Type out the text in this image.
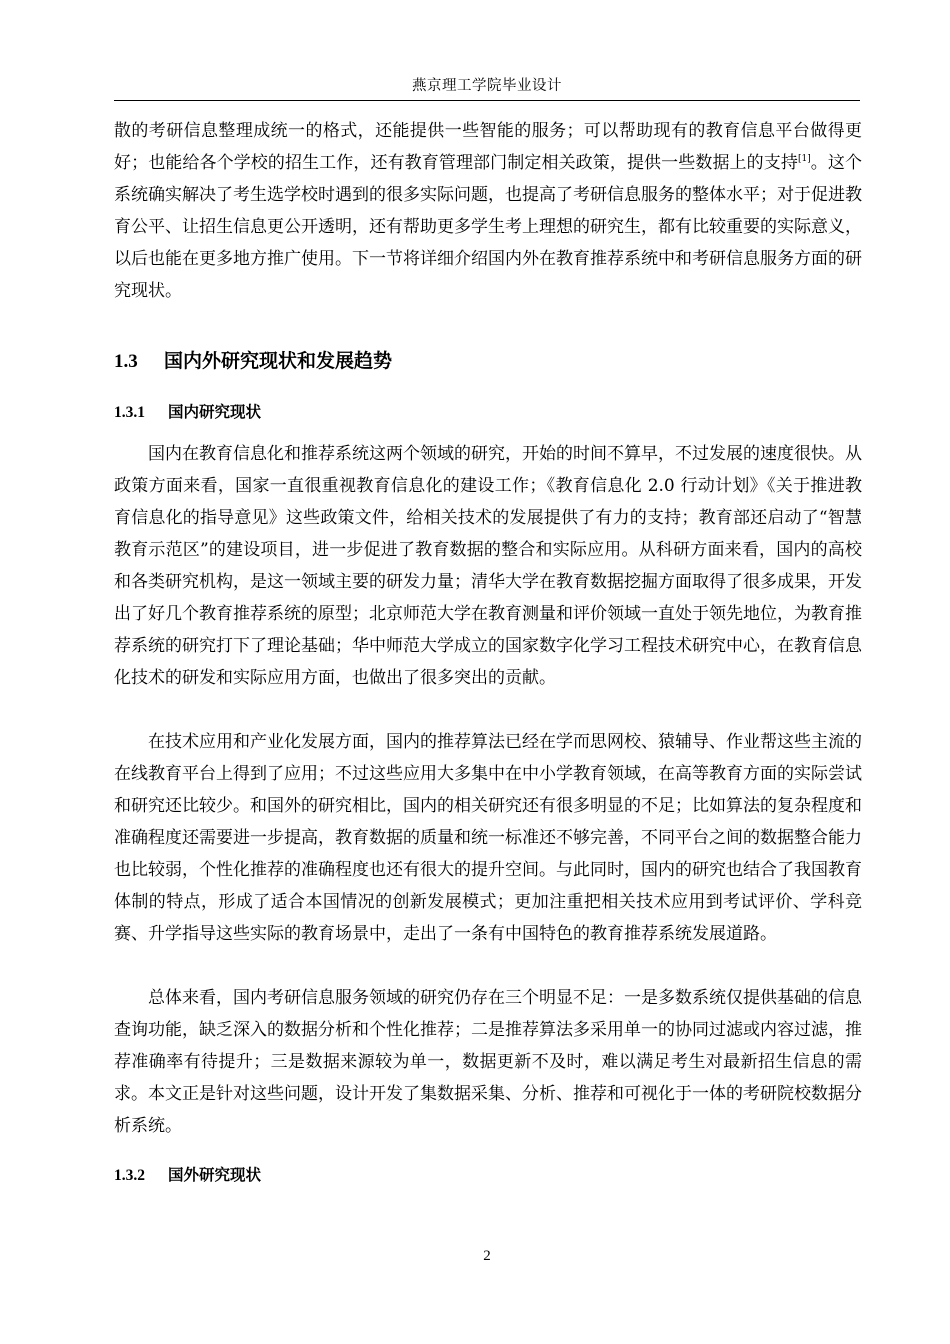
燕京理工学院毕业设计

散的考研信息整理成统一的格式，还能提供一些智能的服务；可以帮助现有的教育信息平台做得更好；也能给各个学校的招生工作，还有教育管理部门制定相关政策，提供一些数据上的支持[1]。这个系统确实解决了考生选学校时遇到的很多实际问题，也提高了考研信息服务的整体水平；对于促进教育公平、让招生信息更公开透明，还有帮助更多学生考上理想的研究生，都有比较重要的实际意义，以后也能在更多地方推广使用。下一节将详细介绍国内外在教育推荐系统中和考研信息服务方面的研究现状。

1.3 国内外研究现状和发展趋势
1.3.1 国内研究现状

国内在教育信息化和推荐系统这两个领域的研究，开始的时间不算早，不过发展的速度很快。从政策方面来看，国家一直很重视教育信息化的建设工作；《教育信息化 2.0 行动计划》《关于推进教育信息化的指导意见》这些政策文件，给相关技术的发展提供了有力的支持；教育部还启动了“智慧教育示范区”的建设项目，进一步促进了教育数据的整合和实际应用。从科研方面来看，国内的高校和各类研究机构，是这一领域主要的研发力量；清华大学在教育数据挖掘方面取得了很多成果，开发出了好几个教育推荐系统的原型；北京师范大学在教育测量和评价领域一直处于领先地位，为教育推荐系统的研究打下了理论基础；华中师范大学成立的国家数字化学习工程技术研究中心，在教育信息化技术的研发和实际应用方面，也做出了很多突出的贡献。

在技术应用和产业化发展方面，国内的推荐算法已经在学而思网校、猿辅导、作业帮这些主流的在线教育平台上得到了应用；不过这些应用大多集中在中小学教育领域，在高等教育方面的实际尝试和研究还比较少。和国外的研究相比，国内的相关研究还有很多明显的不足；比如算法的复杂程度和准确程度还需要进一步提高，教育数据的质量和统一标准还不够完善，不同平台之间的数据整合能力也比较弱，个性化推荐的准确程度也还有很大的提升空间。与此同时，国内的研究也结合了我国教育体制的特点，形成了适合本国情况的创新发展模式；更加注重把相关技术应用到考试评价、学科竞赛、升学指导这些实际的教育场景中，走出了一条有中国特色的教育推荐系统发展道路。

总体来看，国内考研信息服务领域的研究仍存在三个明显不足：一是多数系统仅提供基础的信息查询功能，缺乏深入的数据分析和个性化推荐；二是推荐算法多采用单一的协同过滤或内容过滤，推荐准确率有待提升；三是数据来源较为单一，数据更新不及时，难以满足考生对最新招生信息的需求。本文正是针对这些问题，设计开发了集数据采集、分析、推荐和可视化于一体的考研院校数据分析系统。

1.3.2 国外研究现状
2
